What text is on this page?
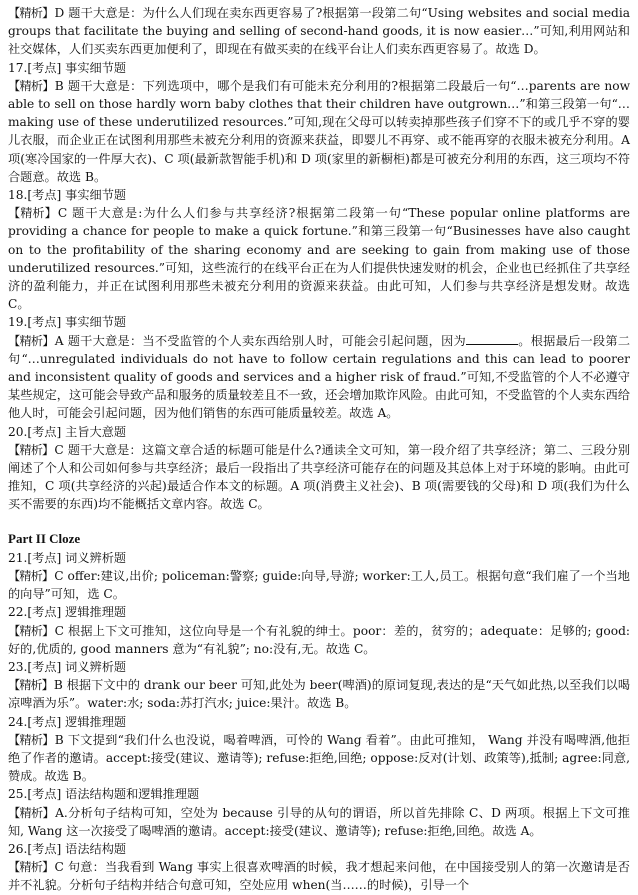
【精析】D 题干大意是：为什么人们现在卖东西更容易了?根据第一段第二句“Using websites and social media groups that facilitate the buying and selling of second-hand goods, it is now easier…”可知,利用网站和社交媒体，人们买卖东西更加便利了，即现在有做买卖的在线平台让人们卖东西更容易了。故选 D。

17.[考点] 事实细节题

【精析】B 题干大意是：下列选项中，哪个是我们有可能未充分利用的?根据第二段最后一句“…parents are now able to sell on those hardly worn baby clothes that their children have outgrown…”和第三段第一句“…making use of these underutilized resources.”可知,现在父母可以转卖掉那些孩子们穿不下的或几乎不穿的婴儿衣服，而企业正在试图利用那些未被充分利用的资源来获益，即婴儿不再穿、或不能再穿的衣服未被充分利用。A 项(寒冷国家的一件厚大衣)、C 项(最新款智能手机)和 D 项(家里的新橱柜)都是可被充分利用的东西，这三项均不符合题意。故选 B。

18.[考点] 事实细节题

【精析】C 题干大意是:为什么人们参与共享经济?根据第二段第一句“These popular online platforms are providing a chance for people to make a quick fortune.”和第三段第一句“Businesses have also caught on to the profitability of the sharing economy and are seeking to gain from making use of those underutilized resources.”可知，这些流行的在线平台正在为人们提供快速发财的机会，企业也已经抓住了共享经济的盈利能力，并正在试图利用那些未被充分利用的资源来获益。由此可知，人们参与共享经济是想发财。故选 C。

19.[考点] 事实细节题

【精析】A 题干大意是：当不受监管的个人卖东西给别人时，可能会引起问题，因为	。根据最后一段第二句“…unregulated individuals do not have to follow certain regulations and this can lead to poorer and inconsistent quality of goods and services and a higher risk of fraud.”可知,不受监管的个人不必遵守某些规定，这可能会导致产品和服务的质量较差且不一致，还会增加欺诈风险。由此可知，不受监管的个人卖东西给他人时，可能会引起问题，因为他们销售的东西可能质量较差。故选 A。

20.[考点] 主旨大意题

【精析】C 题干大意是：这篇文章合适的标题可能是什么?通读全文可知，第一段介绍了共享经济；第二、三段分别阐述了个人和公司如何参与共享经济；最后一段指出了共享经济可能存在的问题及其总体上对于环境的影响。由此可推知，C 项(共享经济的兴起)最适合作本文的标题。A 项(消费主义社会)、B 项(需要钱的父母)和 D 项(我们为什么买不需要的东西)均不能概括文章内容。故选 C。

Part II Cloze

21.[考点] 词义辨析题

【精析】C offer:建议,出价; policeman:警察; guide:向导,导游; worker:工人,员工。根据句意“我们雇了一个当地的向导”可知，选 C。

22.[考点] 逻辑推理题

【精析】C 根据上下文可推知，这位向导是一个有礼貌的绅士。poor：差的，贫穷的；adequate：足够的; good:好的,优质的, good manners 意为“有礼貌”; no:没有,无。故选 C。

23.[考点] 词义辨析题

【精析】B 根据下文中的 drank our beer 可知,此处为 beer(啤酒)的原词复现,表达的是“天气如此热,以至我们以喝凉啤酒为乐”。water:水; soda:苏打汽水; juice:果汁。故选 B。

24.[考点] 逻辑推理题

【精析】B 下文提到“我们什么也没说，喝着啤酒，可怜的 Wang 看着”。由此可推知， Wang 并没有喝啤酒,他拒绝了作者的邀请。accept:接受(建议、邀请等); refuse:拒绝,回绝; oppose:反对(计划、政策等),抵制; agree:同意,赞成。故选 B。

25.[考点] 语法结构题和逻辑推理题

【精析】A.分析句子结构可知，空处为 because 引导的从句的谓语，所以首先排除 C、D 两项。根据上下文可推知, Wang 这一次接受了喝啤酒的邀请。accept:接受(建议、邀请等); refuse:拒绝,回绝。故选 A。

26.[考点] 语法结构题

【精析】C 句意：当我看到 Wang 事实上很喜欢啤酒的时候，我才想起来问他，在中国接受别人的第一次邀请是否并不礼貌。分析句子结构并结合句意可知，空处应用 when(当……的时候)，引导一个
